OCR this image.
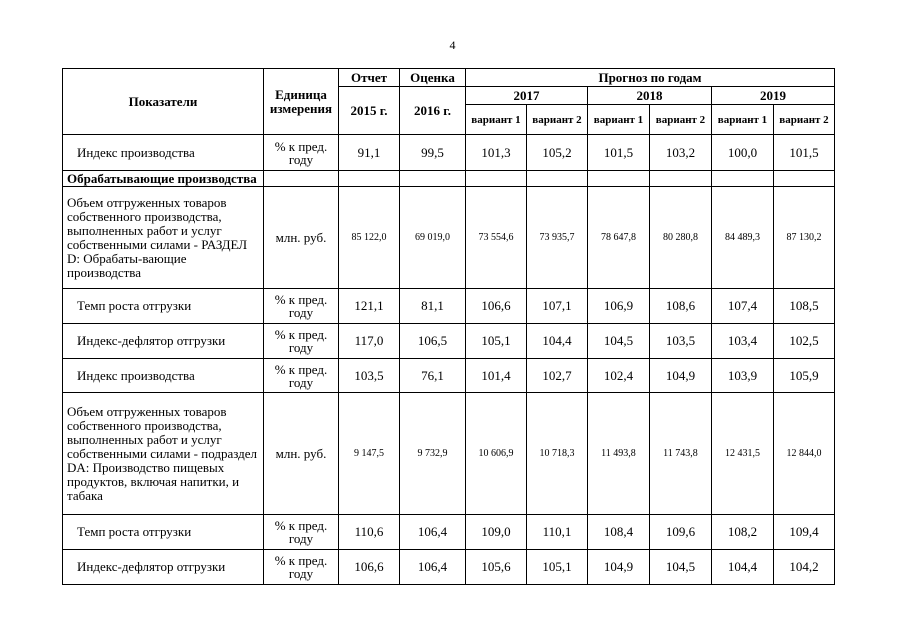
4
Показатели	Единица измерения	Отчет	Оценка	Прогноз по годам					
		2015 г.	2016 г.	2017		2018		2019	
				вариант 1	вариант 2	вариант 1	вариант 2	вариант 1	вариант 2
Индекс производства	% к пред. году	91,1	99,5	101,3	105,2	101,5	103,2	100,0	101,5
Обрабатывающие производства									
Объем отгруженных товаров собственного производства, выполненных работ и услуг собственными силами - РАЗДЕЛ D: Обрабаты-вающие производства	млн. руб.	85 122,0	69 019,0	73 554,6	73 935,7	78 647,8	80 280,8	84 489,3	87 130,2
Темп роста отгрузки	% к пред. году	121,1	81,1	106,6	107,1	106,9	108,6	107,4	108,5
Индекс-дефлятор отгрузки	% к пред. году	117,0	106,5	105,1	104,4	104,5	103,5	103,4	102,5
Индекс производства	% к пред. году	103,5	76,1	101,4	102,7	102,4	104,9	103,9	105,9
Объем отгруженных товаров собственного производства, выполненных работ и услуг собственными силами - подраздел DA: Производство пищевых продуктов, включая напитки, и табака	млн. руб.	9 147,5	9 732,9	10 606,9	10 718,3	11 493,8	11 743,8	12 431,5	12 844,0
Темп роста отгрузки	% к пред. году	110,6	106,4	109,0	110,1	108,4	109,6	108,2	109,4
Индекс-дефлятор отгрузки	% к пред. году	106,6	106,4	105,6	105,1	104,9	104,5	104,4	104,2
